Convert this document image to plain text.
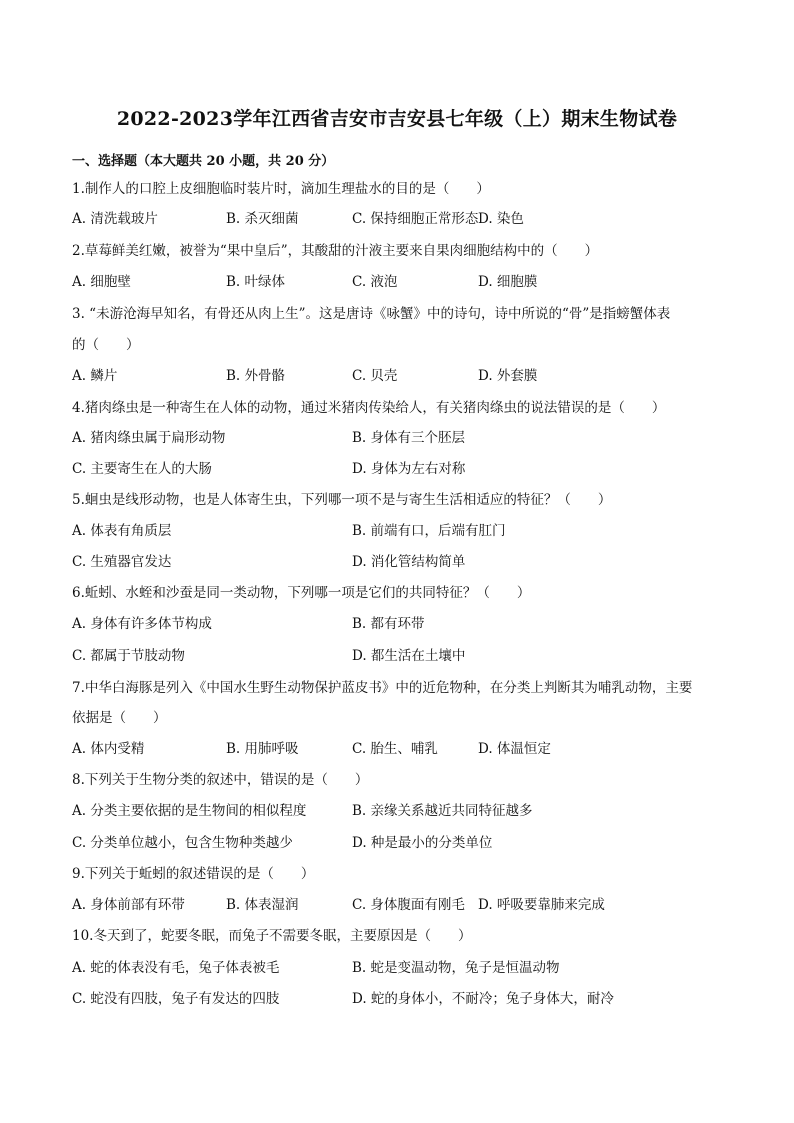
2022-2023学年江西省吉安市吉安县七年级（上）期末生物试卷
一、选择题（本大题共 20 小题，共 20 分）
1.制作人的口腔上皮细胞临时装片时，滴加生理盐水的目的是（　　）
A. 清洗载玻片	B. 杀灭细菌	C. 保持细胞正常形态 D. 染色
2.草莓鲜美红嫩，被誉为“果中皇后”，其酸甜的汁液主要来自果肉细胞结构中的（　　）
A. 细胞壁	B. 叶绿体	C. 液泡	D. 细胞膜
3. “未游沧海早知名，有骨还从肉上生”。这是唐诗《咏蟹》中的诗句，诗中所说的“骨”是指螃蟹体表
的（　　）
A. 鳞片	B. 外骨骼	C. 贝壳	D. 外套膜
4.猪肉绦虫是一种寄生在人体的动物，通过米猪肉传染给人，有关猪肉绦虫的说法错误的是（　　）
A. 猪肉绦虫属于扁形动物	B. 身体有三个胚层
C. 主要寄生在人的大肠	D. 身体为左右对称
5.蛔虫是线形动物，也是人体寄生虫，下列哪一项不是与寄生生活相适应的特征？（　　）
A. 体表有角质层	B. 前端有口，后端有肛门
C. 生殖器官发达	D. 消化管结构简单
6.蚯蚓、水蛭和沙蚕是同一类动物，下列哪一项是它们的共同特征？（　　）
A. 身体有许多体节构成	B. 都有环带
C. 都属于节肢动物	D. 都生活在土壤中
7.中华白海豚是列入《中国水生野生动物保护蓝皮书》中的近危物种，在分类上判断其为哺乳动物，主要
依据是（　　）
A. 体内受精	B. 用肺呼吸	C. 胎生、哺乳	D. 体温恒定
8.下列关于生物分类的叙述中，错误的是（　　）
A. 分类主要依据的是生物间的相似程度	B. 亲缘关系越近共同特征越多
C. 分类单位越小，包含生物种类越少	D. 种是最小的分类单位
9.下列关于蚯蚓的叙述错误的是（　　）
A. 身体前部有环带	B. 体表湿润	C. 身体腹面有刚毛 D. 呼吸要靠肺来完成
10.冬天到了，蛇要冬眠，而兔子不需要冬眠，主要原因是（　　）
A. 蛇的体表没有毛，兔子体表被毛	B. 蛇是变温动物，兔子是恒温动物
C. 蛇没有四肢，兔子有发达的四肢	D. 蛇的身体小，不耐冷；兔子身体大，耐冷
